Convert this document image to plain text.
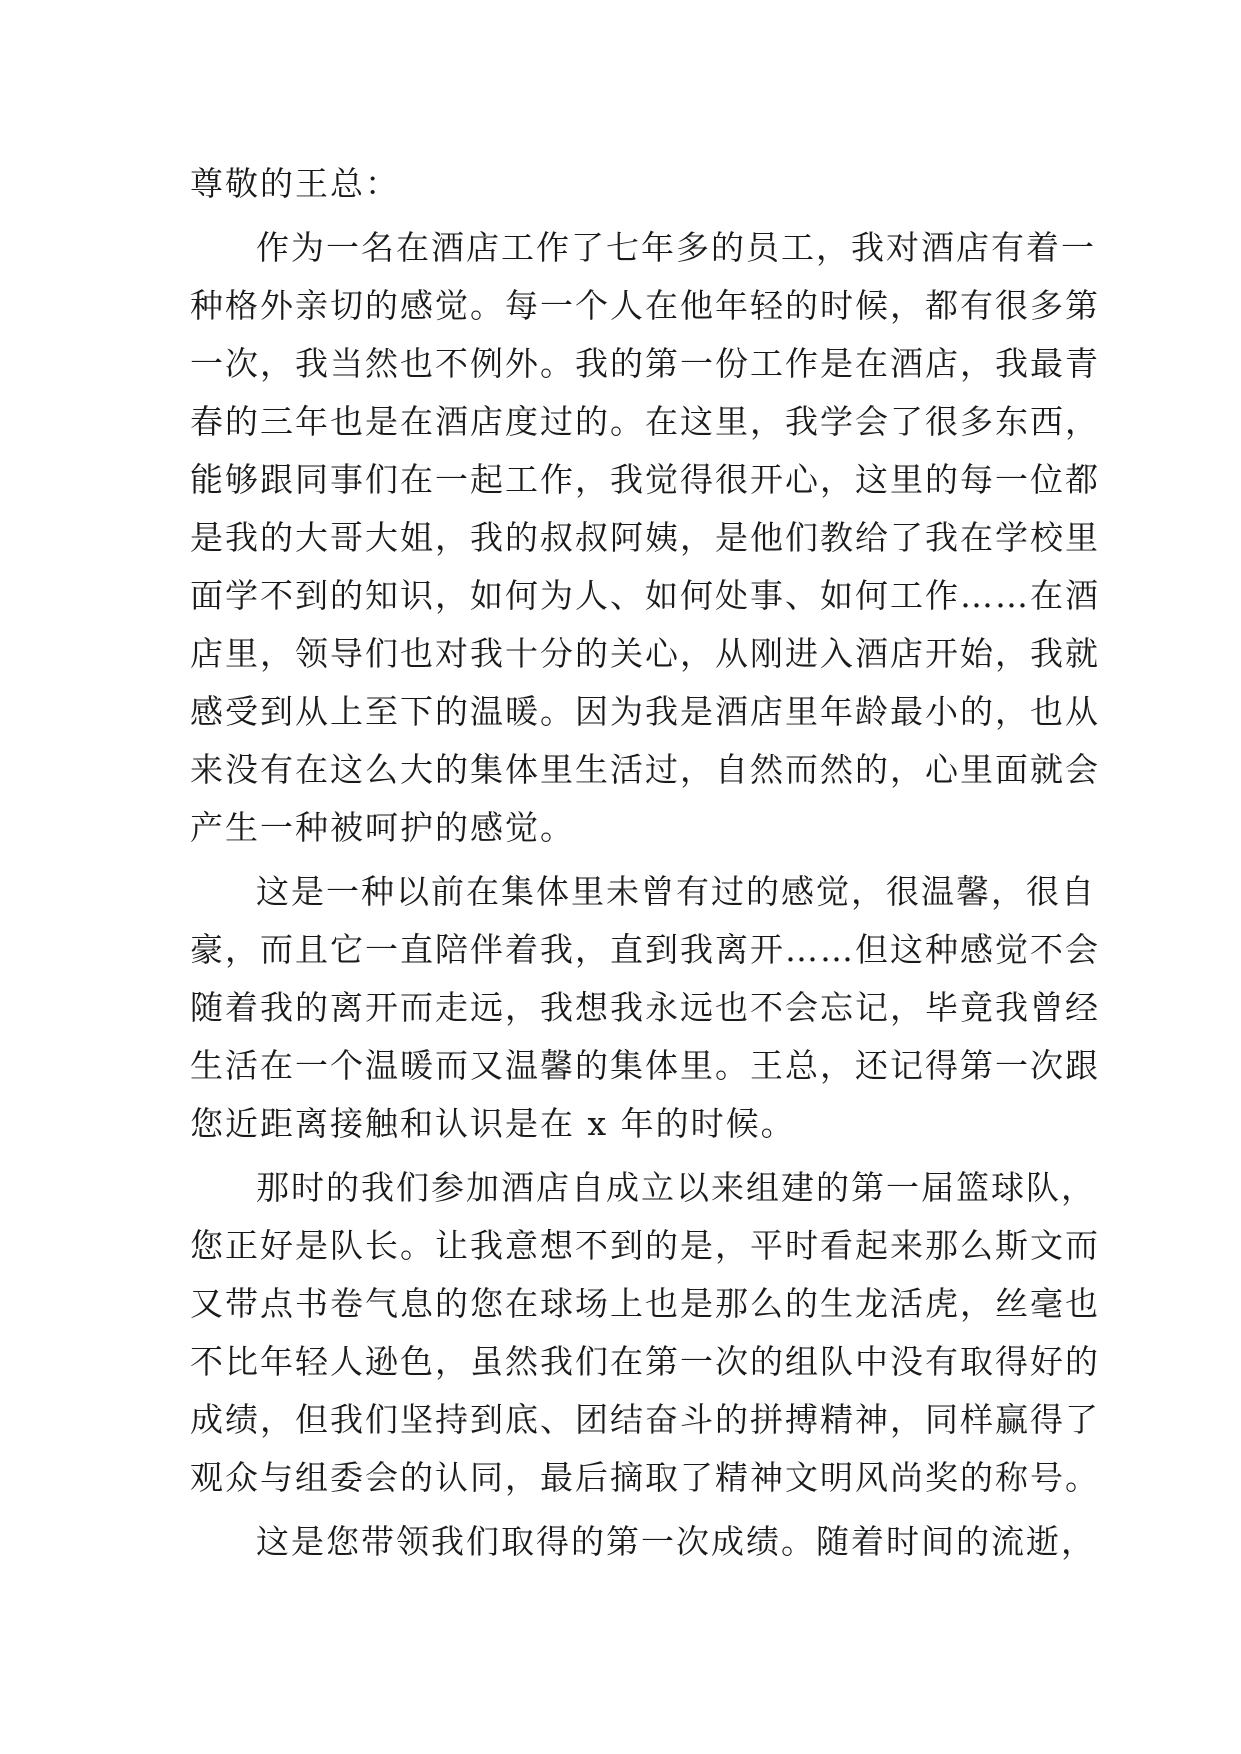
尊敬的王总：
作为一名在酒店工作了七年多的员工，我对酒店有着一
种格外亲切的感觉。每一个人在他年轻的时候，都有很多第
一次，我当然也不例外。我的第一份工作是在酒店，我最青
春的三年也是在酒店度过的。在这里，我学会了很多东西，
能够跟同事们在一起工作，我觉得很开心，这里的每一位都
是我的大哥大姐，我的叔叔阿姨，是他们教给了我在学校里
面学不到的知识，如何为人、如何处事、如何工作……在酒
店里，领导们也对我十分的关心，从刚进入酒店开始，我就
感受到从上至下的温暖。因为我是酒店里年龄最小的，也从
来没有在这么大的集体里生活过，自然而然的，心里面就会
产生一种被呵护的感觉。
这是一种以前在集体里未曾有过的感觉，很温馨，很自
豪，而且它一直陪伴着我，直到我离开……但这种感觉不会
随着我的离开而走远，我想我永远也不会忘记，毕竟我曾经
生活在一个温暖而又温馨的集体里。王总，还记得第一次跟
您近距离接触和认识是在 x 年的时候。
那时的我们参加酒店自成立以来组建的第一届篮球队，
您正好是队长。让我意想不到的是，平时看起来那么斯文而
又带点书卷气息的您在球场上也是那么的生龙活虎，丝毫也
不比年轻人逊色，虽然我们在第一次的组队中没有取得好的
成绩，但我们坚持到底、团结奋斗的拼搏精神，同样赢得了
观众与组委会的认同，最后摘取了精神文明风尚奖的称号。
这是您带领我们取得的第一次成绩。随着时间的流逝，
